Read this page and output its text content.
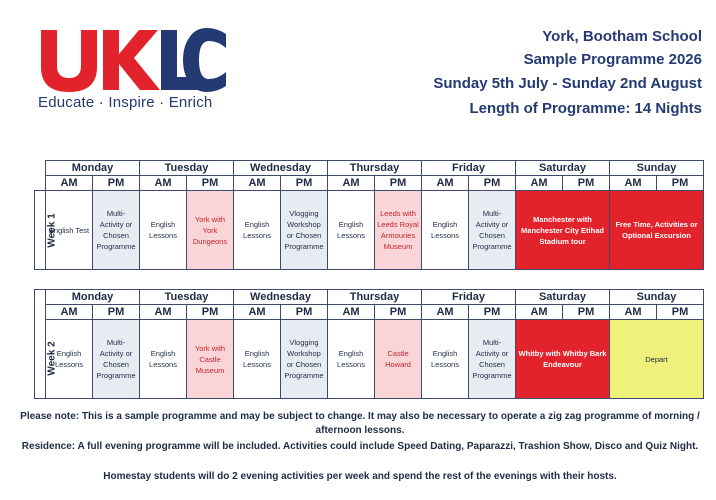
Educate · Inspire · Enrich
York, Bootham School
Sample Programme 2026
Sunday 5th July - Sunday 2nd August
Length of Programme: 14 Nights
	Monday		Tuesday		Wednesday		Thursday		Friday		Saturday		Sunday	
	AM	PM	AM	PM	AM	PM	AM	PM	AM	PM	AM	PM	AM	PM
Week 1	English Test	Multi-Activity or Chosen Programme	English Lessons	York with York Dungeons	English Lessons	Vlogging Workshop or Chosen Programme	English Lessons	Leeds with Leeds Royal Armouries Museum	English Lessons	Multi-Activity or Chosen Programme	Manchester with Manchester City Etihad Stadium tour		Free Time, Activities or Optional Excursion	
	Monday		Tuesday		Wednesday		Thursday		Friday		Saturday		Sunday	
	AM	PM	AM	PM	AM	PM	AM	PM	AM	PM	AM	PM	AM	PM
Week 2	English Lessons	Multi-Activity or Chosen Programme	English Lessons	York with Castle Museum	English Lessons	Vlogging Workshop or Chosen Programme	English Lessons	Castle Howard	English Lessons	Multi-Activity or Chosen Programme	Whitby with Whitby Bark Endeavour		Depart	
Please note: This is a sample programme and may be subject to change. It may also be necessary to operate a zig zag programme of morning / afternoon lessons.
Residence: A full evening programme will be included. Activities could include Speed Dating, Paparazzi, Trashion Show, Disco and Quiz Night.
Homestay students will do 2 evening activities per week and spend the rest of the evenings with their hosts.
